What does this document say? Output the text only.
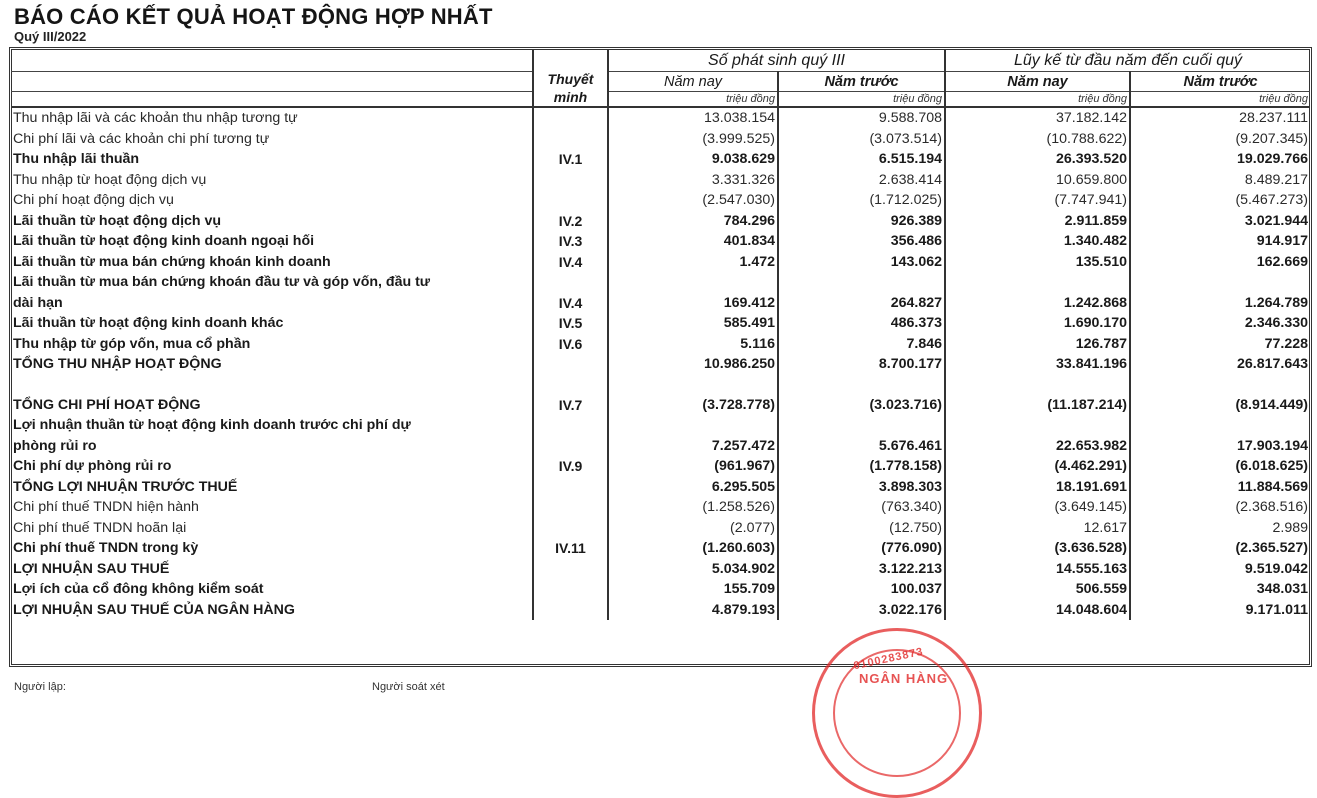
BÁO CÁO KẾT QUẢ HOẠT ĐỘNG HỢP NHẤT
Quý III/2022
	Thuyết
minh	Số phát sinh quý III		Lũy kế từ đầu năm đến cuối quý	
		Năm nay	Năm trước	Năm nay	Năm trước
		triệu đồng	triệu đồng	triệu đồng	triệu đồng
Thu nhập lãi và các khoản thu nhập tương tự		13.038.154	9.588.708	37.182.142	28.237.111
Chi phí lãi và các khoản chi phí tương tự		(3.999.525)	(3.073.514)	(10.788.622)	(9.207.345)
Thu nhập lãi thuần	IV.1	9.038.629	6.515.194	26.393.520	19.029.766
Thu nhập từ hoạt động dịch vụ		3.331.326	2.638.414	10.659.800	8.489.217
Chi phí hoạt động dịch vụ		(2.547.030)	(1.712.025)	(7.747.941)	(5.467.273)
Lãi thuần từ hoạt động dịch vụ	IV.2	784.296	926.389	2.911.859	3.021.944
Lãi thuần từ hoạt động kinh doanh ngoại hối	IV.3	401.834	356.486	1.340.482	914.917
Lãi thuần từ mua bán chứng khoán kinh doanh	IV.4	1.472	143.062	135.510	162.669
Lãi thuần từ mua bán chứng khoán đầu tư và góp vốn, đầu tư					
dài hạn	IV.4	169.412	264.827	1.242.868	1.264.789
Lãi thuần từ hoạt động kinh doanh khác	IV.5	585.491	486.373	1.690.170	2.346.330
Thu nhập từ góp vốn, mua cổ phần	IV.6	5.116	7.846	126.787	77.228
TỔNG THU NHẬP HOẠT ĐỘNG		10.986.250	8.700.177	33.841.196	26.817.643

TỔNG CHI PHÍ HOẠT ĐỘNG	IV.7	(3.728.778)	(3.023.716)	(11.187.214)	(8.914.449)
Lợi nhuận thuần từ hoạt động kinh doanh trước chi phí dự					
phòng rủi ro		7.257.472	5.676.461	22.653.982	17.903.194
Chi phí dự phòng rủi ro	IV.9	(961.967)	(1.778.158)	(4.462.291)	(6.018.625)
TỔNG LỢI NHUẬN TRƯỚC THUẾ		6.295.505	3.898.303	18.191.691	11.884.569
Chi phí thuế TNDN hiện hành		(1.258.526)	(763.340)	(3.649.145)	(2.368.516)
Chi phí thuế TNDN hoãn lại		(2.077)	(12.750)	12.617	2.989
Chi phí thuế TNDN trong kỳ	IV.11	(1.260.603)	(776.090)	(3.636.528)	(2.365.527)
LỢI NHUẬN SAU THUẾ		5.034.902	3.122.213	14.555.163	9.519.042
Lợi ích của cổ đông không kiểm soát		155.709	100.037	506.559	348.031
LỢI NHUẬN SAU THUẾ CỦA NGÂN HÀNG		4.879.193	3.022.176	14.048.604	9.171.011
0100283873
NGÂN HÀNG
Người lập:	Người soát xét
